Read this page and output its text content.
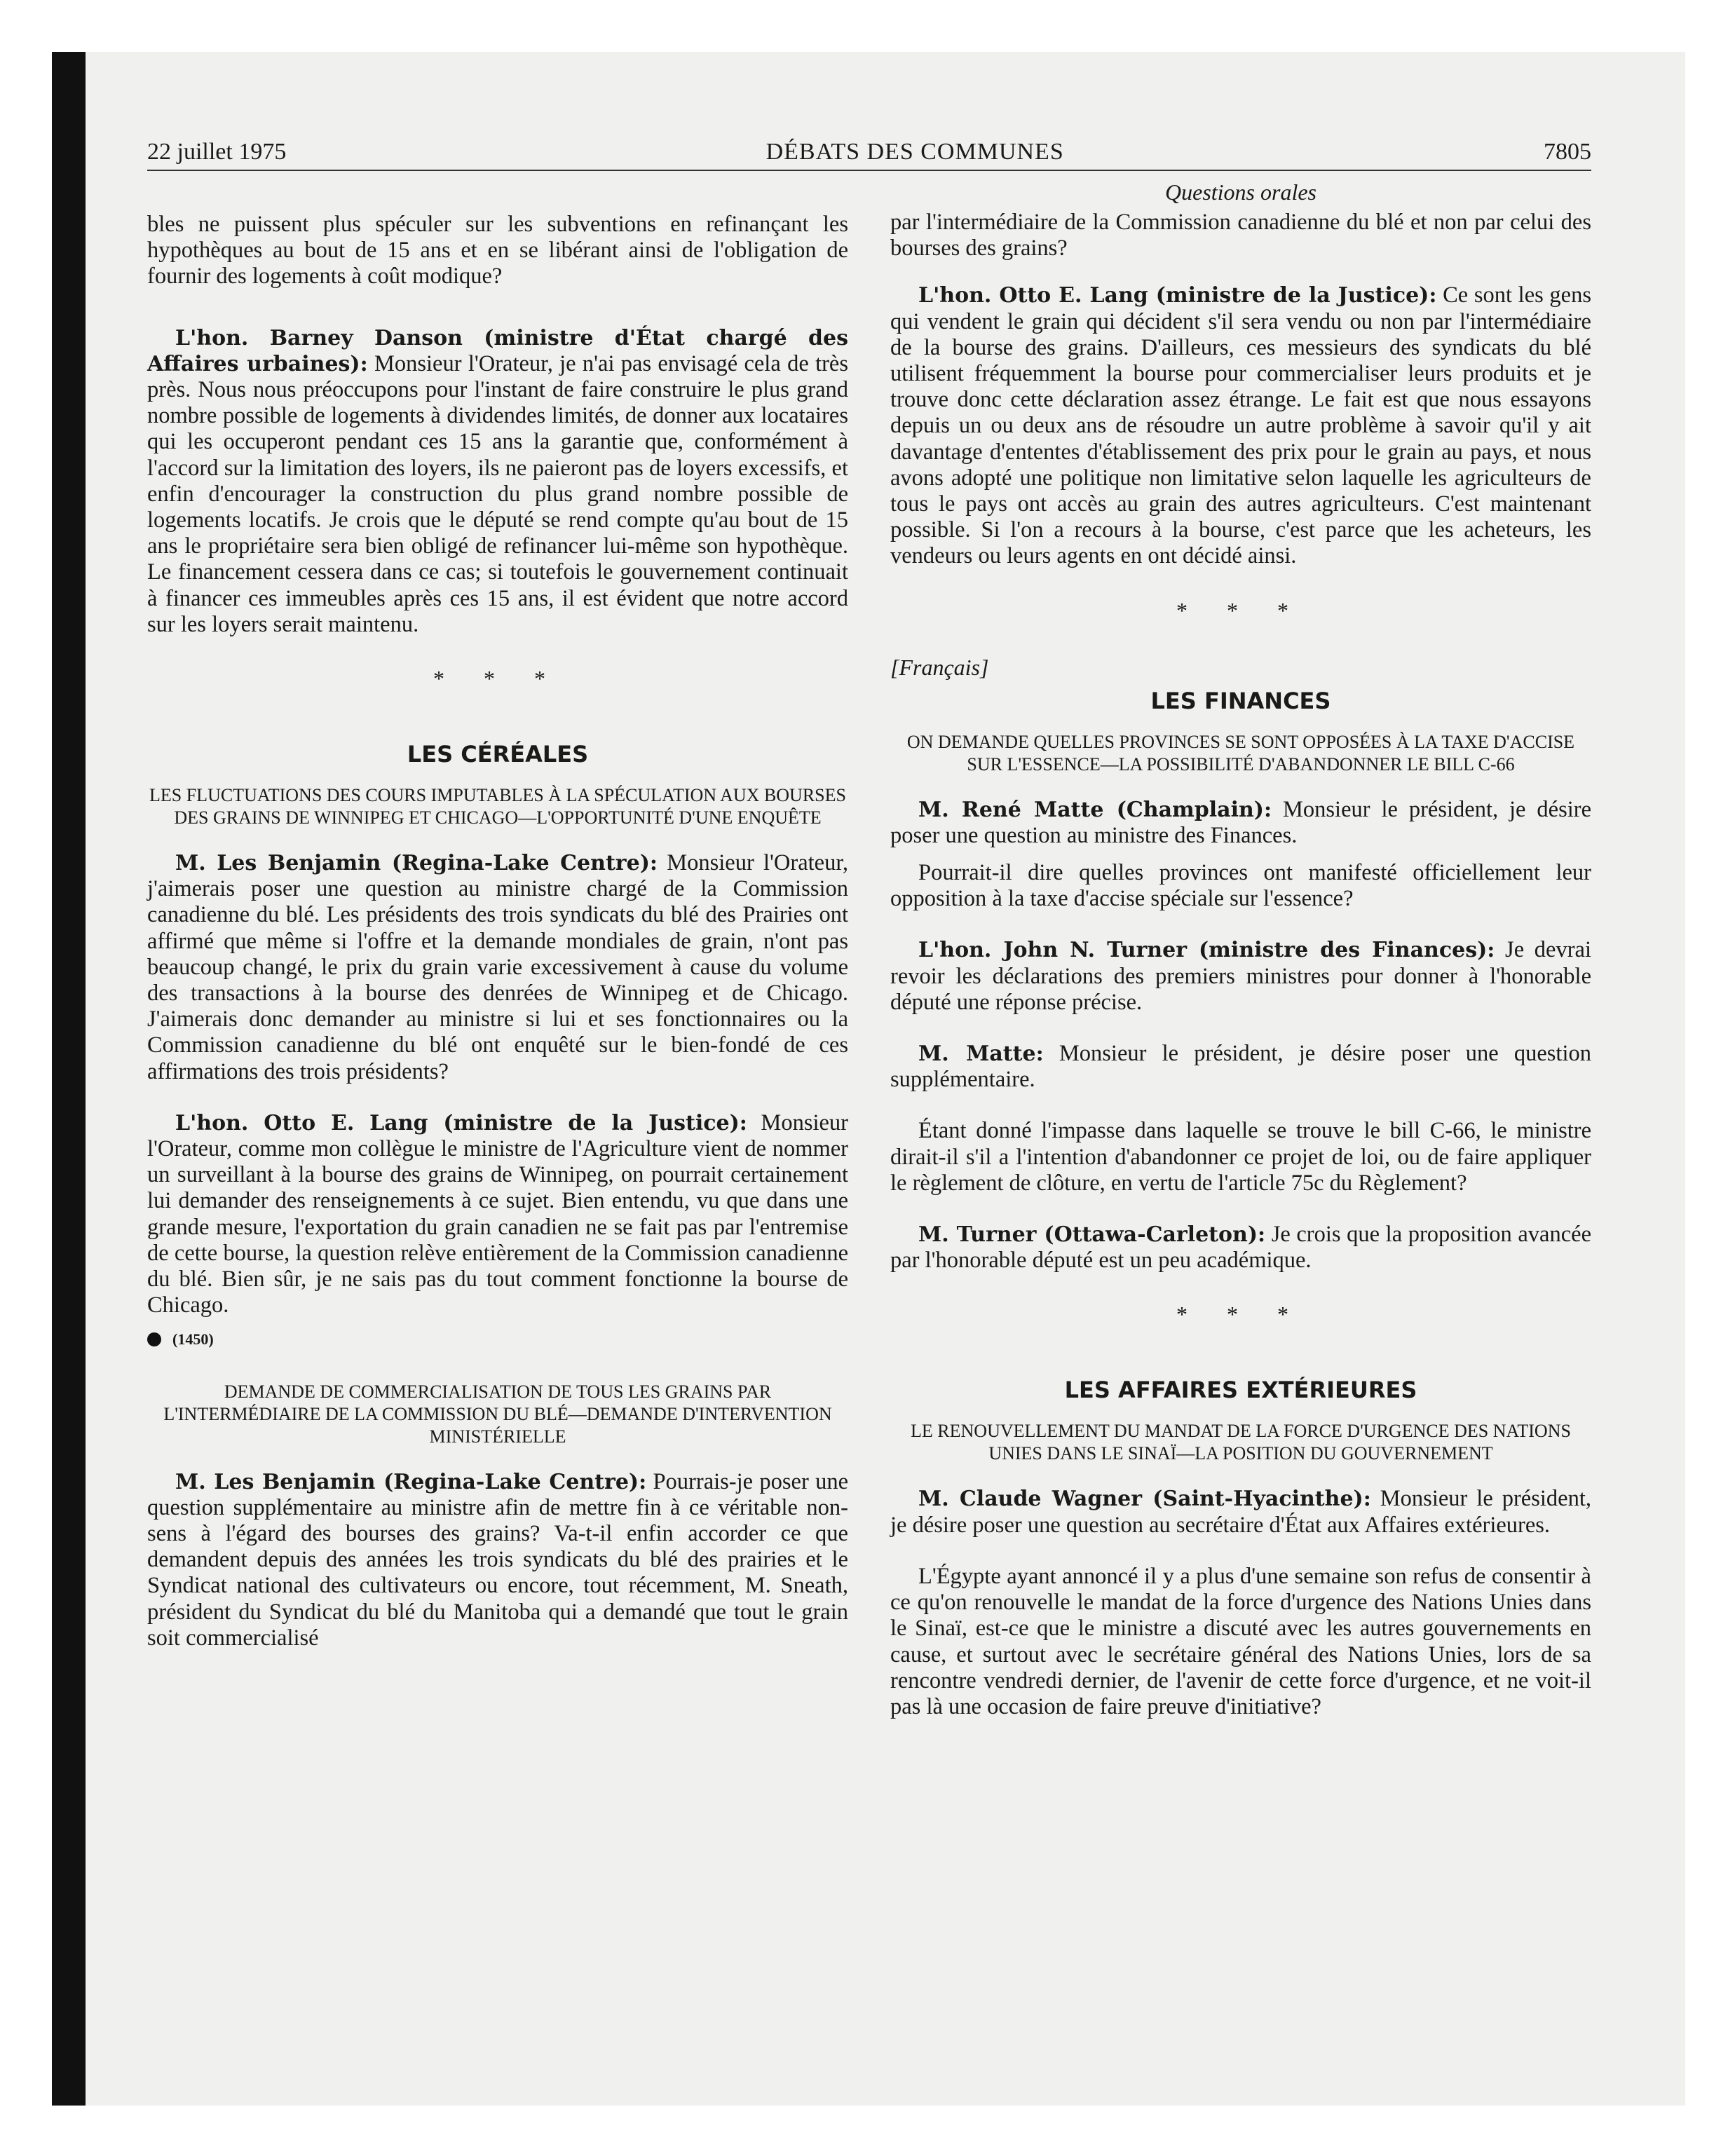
22 juillet 1975	DÉBATS DES COMMUNES	7805

bles ne puissent plus spéculer sur les subventions en refinançant les hypothèques au bout de 15 ans et en se libérant ainsi de l'obligation de fournir des logements à coût modique?

L'hon. Barney Danson (ministre d'État chargé des Affaires urbaines): Monsieur l'Orateur, je n'ai pas envisagé cela de très près. Nous nous préoccupons pour l'instant de faire construire le plus grand nombre possible de logements à dividendes limités, de donner aux locataires qui les occuperont pendant ces 15 ans la garantie que, conformément à l'accord sur la limitation des loyers, ils ne paieront pas de loyers excessifs, et enfin d'encourager la construction du plus grand nombre possible de logements locatifs. Je crois que le député se rend compte qu'au bout de 15 ans le propriétaire sera bien obligé de refinancer lui-même son hypothèque. Le financement cessera dans ce cas; si toutefois le gouvernement continuait à financer ces immeubles après ces 15 ans, il est évident que notre accord sur les loyers serait maintenu.

* * *
LES CÉRÉALES
LES FLUCTUATIONS DES COURS IMPUTABLES À LA SPÉCULATION AUX BOURSES DES GRAINS DE WINNIPEG ET CHICAGO—L'OPPORTUNITÉ D'UNE ENQUÊTE

M. Les Benjamin (Regina-Lake Centre): Monsieur l'Orateur, j'aimerais poser une question au ministre chargé de la Commission canadienne du blé. Les présidents des trois syndicats du blé des Prairies ont affirmé que même si l'offre et la demande mondiales de grain, n'ont pas beaucoup changé, le prix du grain varie excessivement à cause du volume des transactions à la bourse des denrées de Winnipeg et de Chicago. J'aimerais donc demander au ministre si lui et ses fonctionnaires ou la Commission canadienne du blé ont enquêté sur le bien-fondé de ces affirmations des trois présidents?

L'hon. Otto E. Lang (ministre de la Justice): Monsieur l'Orateur, comme mon collègue le ministre de l'Agriculture vient de nommer un surveillant à la bourse des grains de Winnipeg, on pourrait certainement lui demander des renseignements à ce sujet. Bien entendu, vu que dans une grande mesure, l'exportation du grain canadien ne se fait pas par l'entremise de cette bourse, la question relève entièrement de la Commission canadienne du blé. Bien sûr, je ne sais pas du tout comment fonctionne la bourse de Chicago.

(1450)
DEMANDE DE COMMERCIALISATION DE TOUS LES GRAINS PAR L'INTERMÉDIAIRE DE LA COMMISSION DU BLÉ—DEMANDE D'INTERVENTION MINISTÉRIELLE

M. Les Benjamin (Regina-Lake Centre): Pourrais-je poser une question supplémentaire au ministre afin de mettre fin à ce véritable non-sens à l'égard des bourses des grains? Va-t-il enfin accorder ce que demandent depuis des années les trois syndicats du blé des prairies et le Syndicat national des cultivateurs ou encore, tout récemment, M. Sneath, président du Syndicat du blé du Manitoba qui a demandé que tout le grain soit commercialisé

Questions orales

par l'intermédiaire de la Commission canadienne du blé et non par celui des bourses des grains?

L'hon. Otto E. Lang (ministre de la Justice): Ce sont les gens qui vendent le grain qui décident s'il sera vendu ou non par l'intermédiaire de la bourse des grains. D'ailleurs, ces messieurs des syndicats du blé utilisent fréquemment la bourse pour commercialiser leurs produits et je trouve donc cette déclaration assez étrange. Le fait est que nous essayons depuis un ou deux ans de résoudre un autre problème à savoir qu'il y ait davantage d'ententes d'établissement des prix pour le grain au pays, et nous avons adopté une politique non limitative selon laquelle les agriculteurs de tous le pays ont accès au grain des autres agriculteurs. C'est maintenant possible. Si l'on a recours à la bourse, c'est parce que les acheteurs, les vendeurs ou leurs agents en ont décidé ainsi.

* * *
[Français]
LES FINANCES
ON DEMANDE QUELLES PROVINCES SE SONT OPPOSÉES À LA TAXE D'ACCISE SUR L'ESSENCE—LA POSSIBILITÉ D'ABANDONNER LE BILL C-66

M. René Matte (Champlain): Monsieur le président, je désire poser une question au ministre des Finances.

Pourrait-il dire quelles provinces ont manifesté officiellement leur opposition à la taxe d'accise spéciale sur l'essence?

L'hon. John N. Turner (ministre des Finances): Je devrai revoir les déclarations des premiers ministres pour donner à l'honorable député une réponse précise.

M. Matte: Monsieur le président, je désire poser une question supplémentaire.

Étant donné l'impasse dans laquelle se trouve le bill C-66, le ministre dirait-il s'il a l'intention d'abandonner ce projet de loi, ou de faire appliquer le règlement de clôture, en vertu de l'article 75c du Règlement?

M. Turner (Ottawa-Carleton): Je crois que la proposition avancée par l'honorable député est un peu académique.

* * *
LES AFFAIRES EXTÉRIEURES
LE RENOUVELLEMENT DU MANDAT DE LA FORCE D'URGENCE DES NATIONS UNIES DANS LE SINAÏ—LA POSITION DU GOUVERNEMENT

M. Claude Wagner (Saint-Hyacinthe): Monsieur le président, je désire poser une question au secrétaire d'État aux Affaires extérieures.

L'Égypte ayant annoncé il y a plus d'une semaine son refus de consentir à ce qu'on renouvelle le mandat de la force d'urgence des Nations Unies dans le Sinaï, est-ce que le ministre a discuté avec les autres gouvernements en cause, et surtout avec le secrétaire général des Nations Unies, lors de sa rencontre vendredi dernier, de l'avenir de cette force d'urgence, et ne voit-il pas là une occasion de faire preuve d'initiative?
